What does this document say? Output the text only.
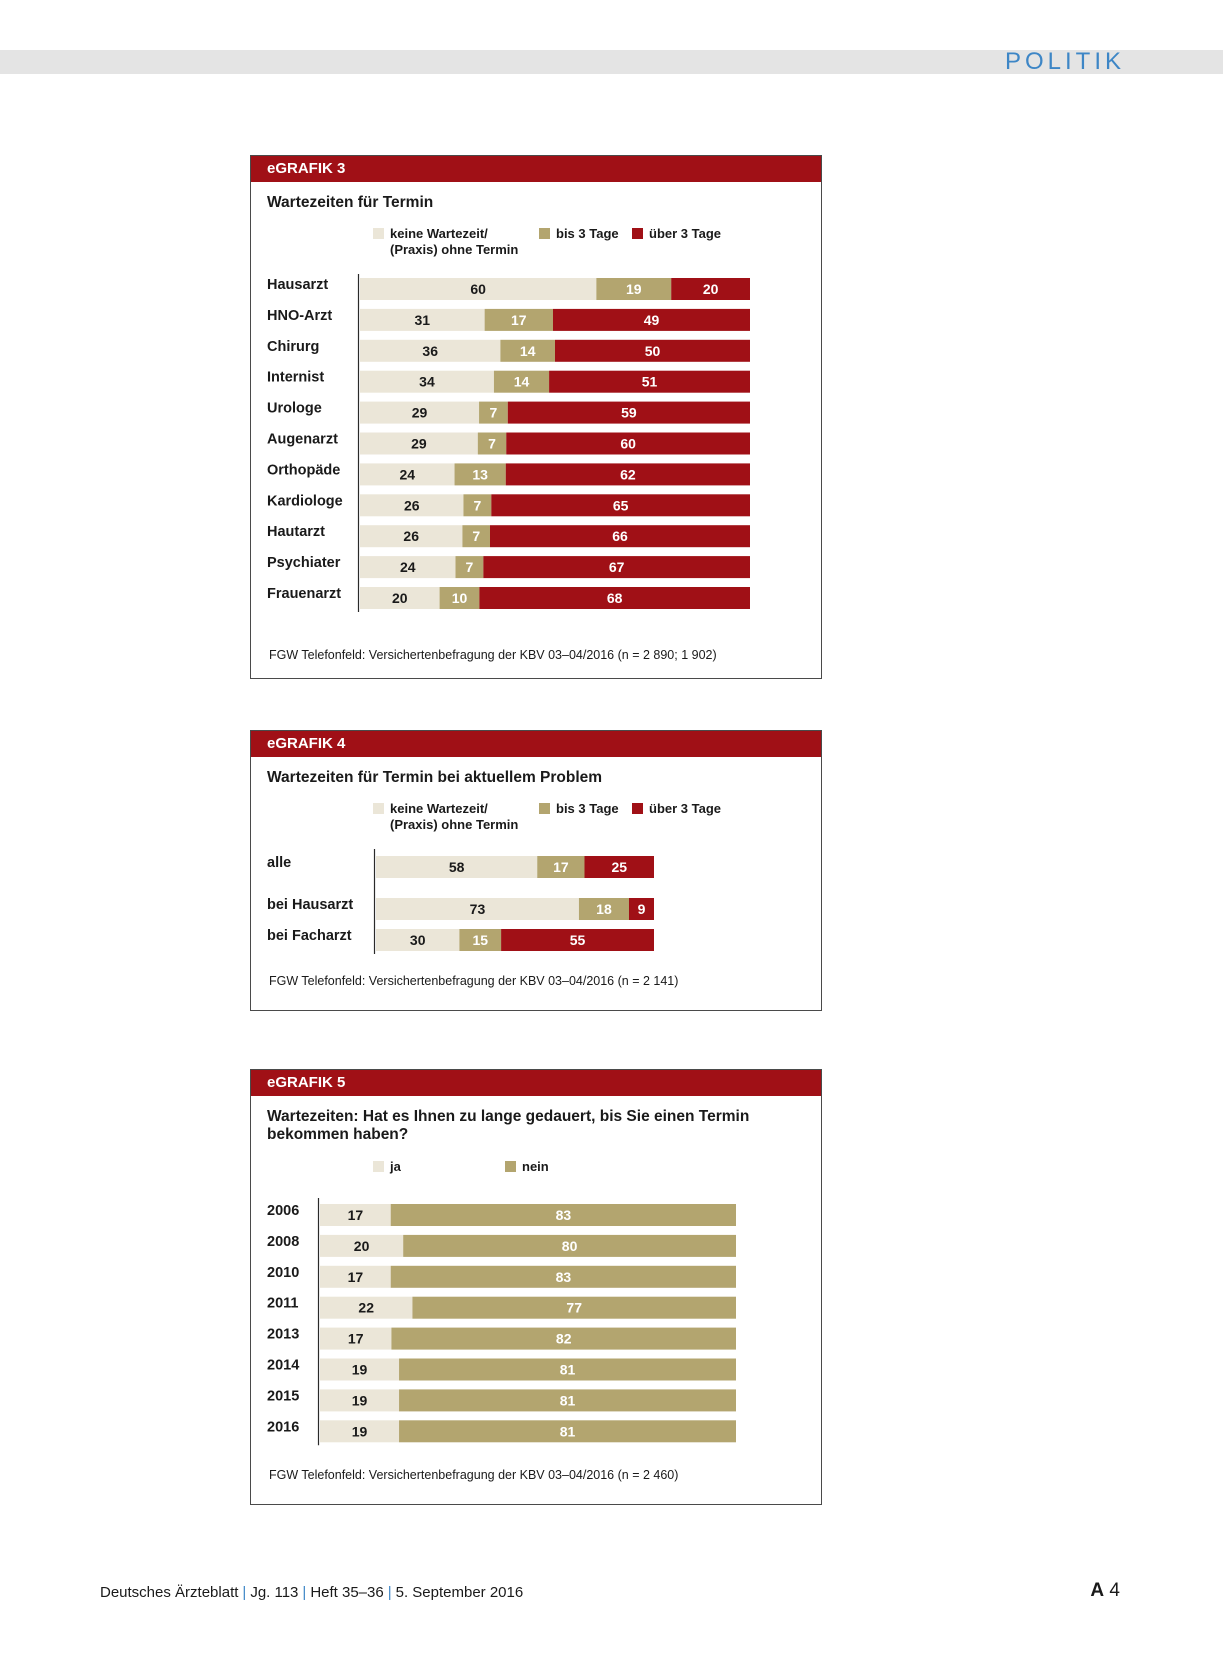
POLITIK
eGRAFIK 3
Wartezeiten für Termin
keine Wartezeit/
(Praxis) ohne Termin
bis 3 Tage über 3 Tage
Hausarzt	60	19	20
HNO-Arzt	31	17	49
Chirurg	36	14	50
Internist	34	14	51
Urologe	29	7	59
Augenarzt	29	7	60
Orthopäde	24	13	62
Kardiologe	26	7	65
Hautarzt	26	7	66
Psychiater	24	7	67
Frauenarzt	20	10	68
FGW Telefonfeld: Versichertenbefragung der KBV 03–04/2016 (n = 2 890; 1 902)
eGRAFIK 4
Wartezeiten für Termin bei aktuellem Problem
keine Wartezeit/
(Praxis) ohne Termin
bis 3 Tage über 3 Tage
alle	58	17	25
bei Hausarzt	73	18 9
bei Facharzt	30	15	55
FGW Telefonfeld: Versichertenbefragung der KBV 03–04/2016 (n = 2 141)
eGRAFIK 5
Wartezeiten: Hat es Ihnen zu lange gedauert, bis Sie einen Termin
bekommen haben?
ja	nein
2006	17	83
2008	20	80
2010	17	83
2011	22	77
2013	17	82
2014	19	81
2015	19	81
2016	19	81
FGW Telefonfeld: Versichertenbefragung der KBV 03–04/2016 (n = 2 460)
Deutsches Ärzteblatt | Jg. 113 | Heft 35–36 | 5. September 2016	A 4
